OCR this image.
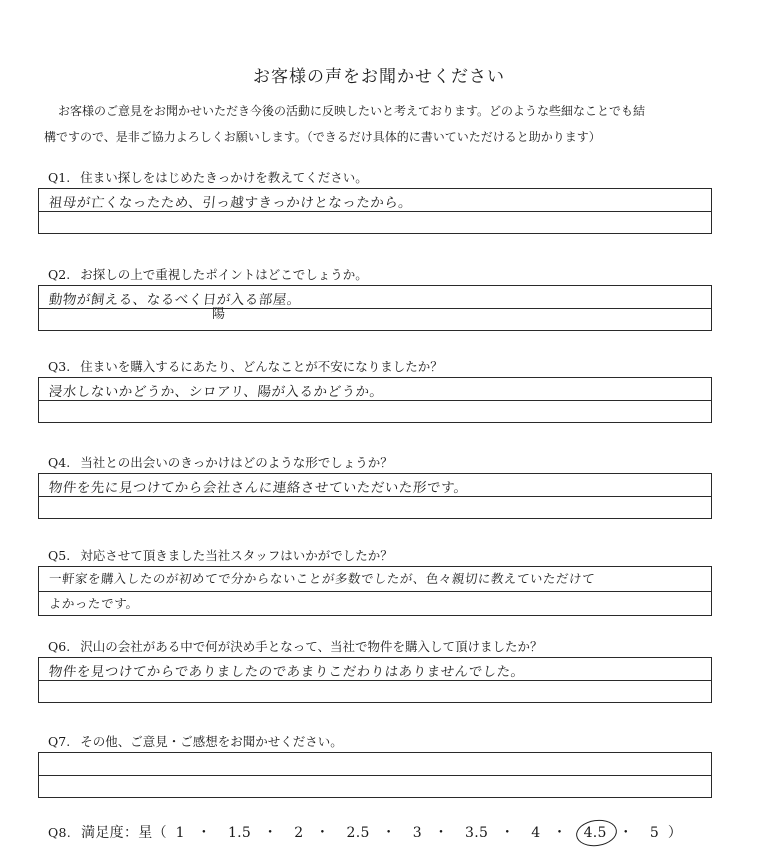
お客様の声をお聞かせください

お客様のご意見をお聞かせいただき今後の活動に反映したいと考えております。どのような些細なことでも結

構ですので、是非ご協力よろしくお願いします。（できるだけ具体的に書いていただけると助かります）

Q1. 住まい探しをはじめたきっかけを教えてください。
祖母が亡くなったため、引っ越すきっかけとなったから。
Q2. お探しの上で重視したポイントはどこでしょうか。
動物が飼える、なるべく日が入る部屋。
陽
Q3. 住まいを購入するにあたり、どんなことが不安になりましたか？
浸水しないかどうか、シロアリ、陽が入るかどうか。
Q4. 当社との出会いのきっかけはどのような形でしょうか？
物件を先に見つけてから会社さんに連絡させていただいた形です。
Q5. 対応させて頂きました当社スタッフはいかがでしたか？
一軒家を購入したのが初めてで分からないことが多数でしたが、色々親切に教えていただけて
よかったです。
Q6. 沢山の会社がある中で何が決め手となって、当社で物件を購入して頂けましたか？
物件を見つけてからでありましたのであまりこだわりはありませんでした。
Q7. その他、ご意見・ご感想をお聞かせください。
Q8. 満足度：星（ 1 ・ 1.5 ・ 2 ・ 2.5 ・ 3 ・ 3.5 ・ 4 ・ 4.5 ・ 5 ）
